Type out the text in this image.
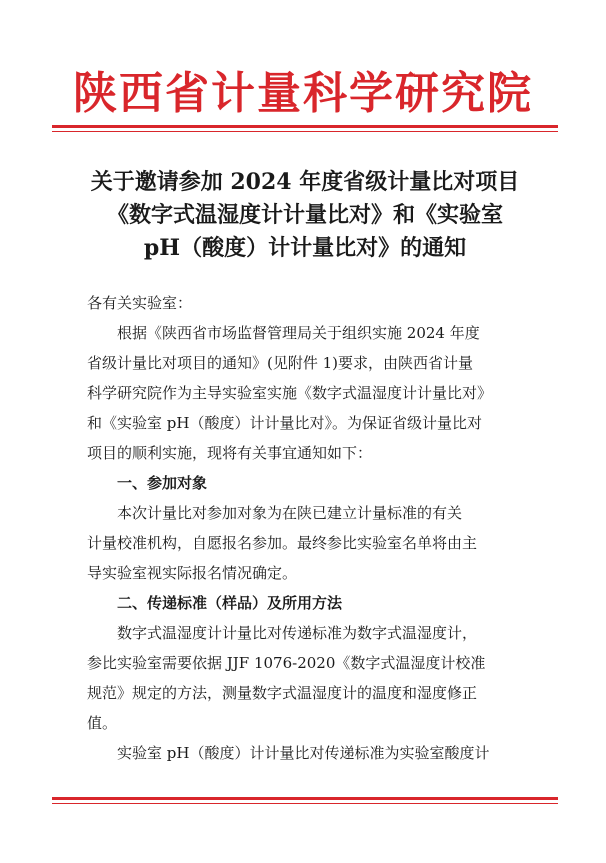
陕西省计量科学研究院
关于邀请参加 2024 年度省级计量比对项目
《数字式温湿度计计量比对》和《实验室
pH（酸度）计计量比对》的通知
各有关实验室：
根据《陕西省市场监督管理局关于组织实施 2024 年度
省级计量比对项目的通知》(见附件 1)要求，由陕西省计量
科学研究院作为主导实验室实施《数字式温湿度计计量比对》
和《实验室 pH（酸度）计计量比对》。为保证省级计量比对
项目的顺利实施，现将有关事宜通知如下：
一、参加对象
本次计量比对参加对象为在陕已建立计量标准的有关
计量校准机构，自愿报名参加。最终参比实验室名单将由主
导实验室视实际报名情况确定。
二、传递标准（样品）及所用方法
数字式温湿度计计量比对传递标准为数字式温湿度计，
参比实验室需要依据 JJF 1076-2020《数字式温湿度计校准
规范》规定的方法，测量数字式温湿度计的温度和湿度修正
值。
实验室 pH（酸度）计计量比对传递标准为实验室酸度计
